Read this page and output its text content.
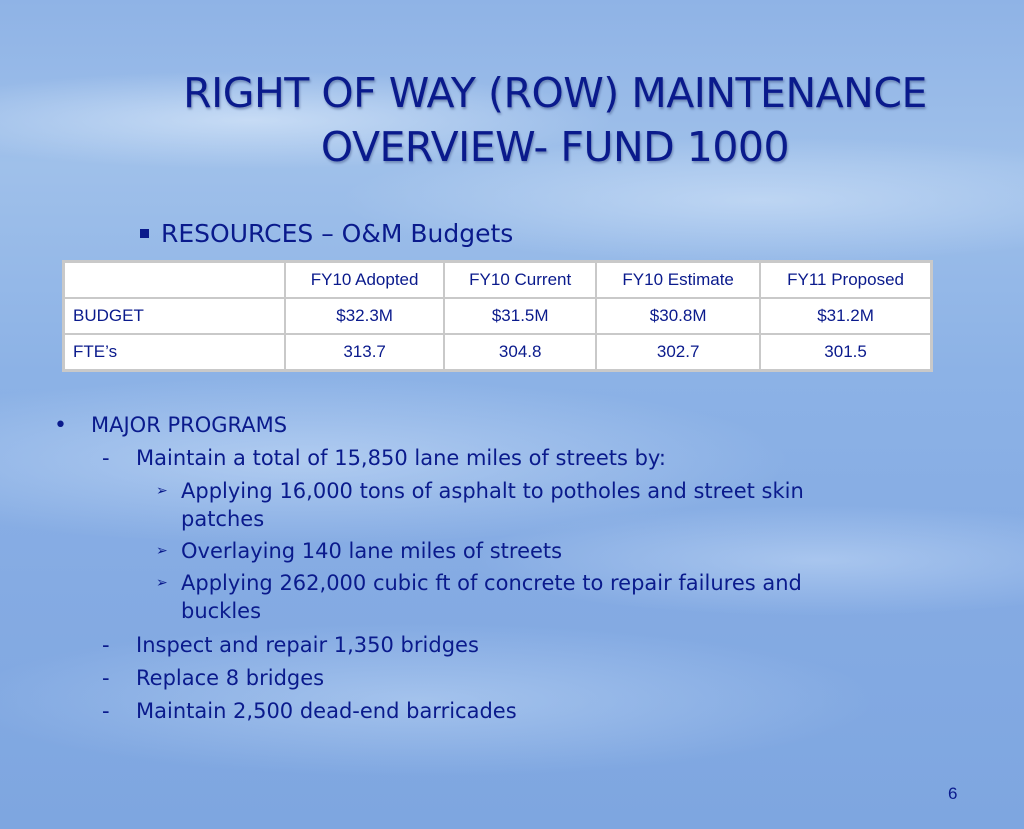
RIGHT OF WAY (ROW) MAINTENANCE
OVERVIEW- FUND 1000
RESOURCES – O&M Budgets
	FY10 Adopted	FY10 Current	FY10 Estimate	FY11 Proposed
BUDGET	$32.3M	$31.5M	$30.8M	$31.2M
FTE’s	313.7	304.8	302.7	301.5
• MAJOR PROGRAMS
- Maintain a total of 15,850 lane miles of streets by:
➢ Applying 16,000 tons of asphalt to potholes and street skin patches
➢ Overlaying 140 lane miles of streets
➢ Applying 262,000 cubic ft of concrete to repair failures and buckles
- Inspect and repair 1,350 bridges
- Replace 8 bridges
- Maintain 2,500 dead-end barricades
6
